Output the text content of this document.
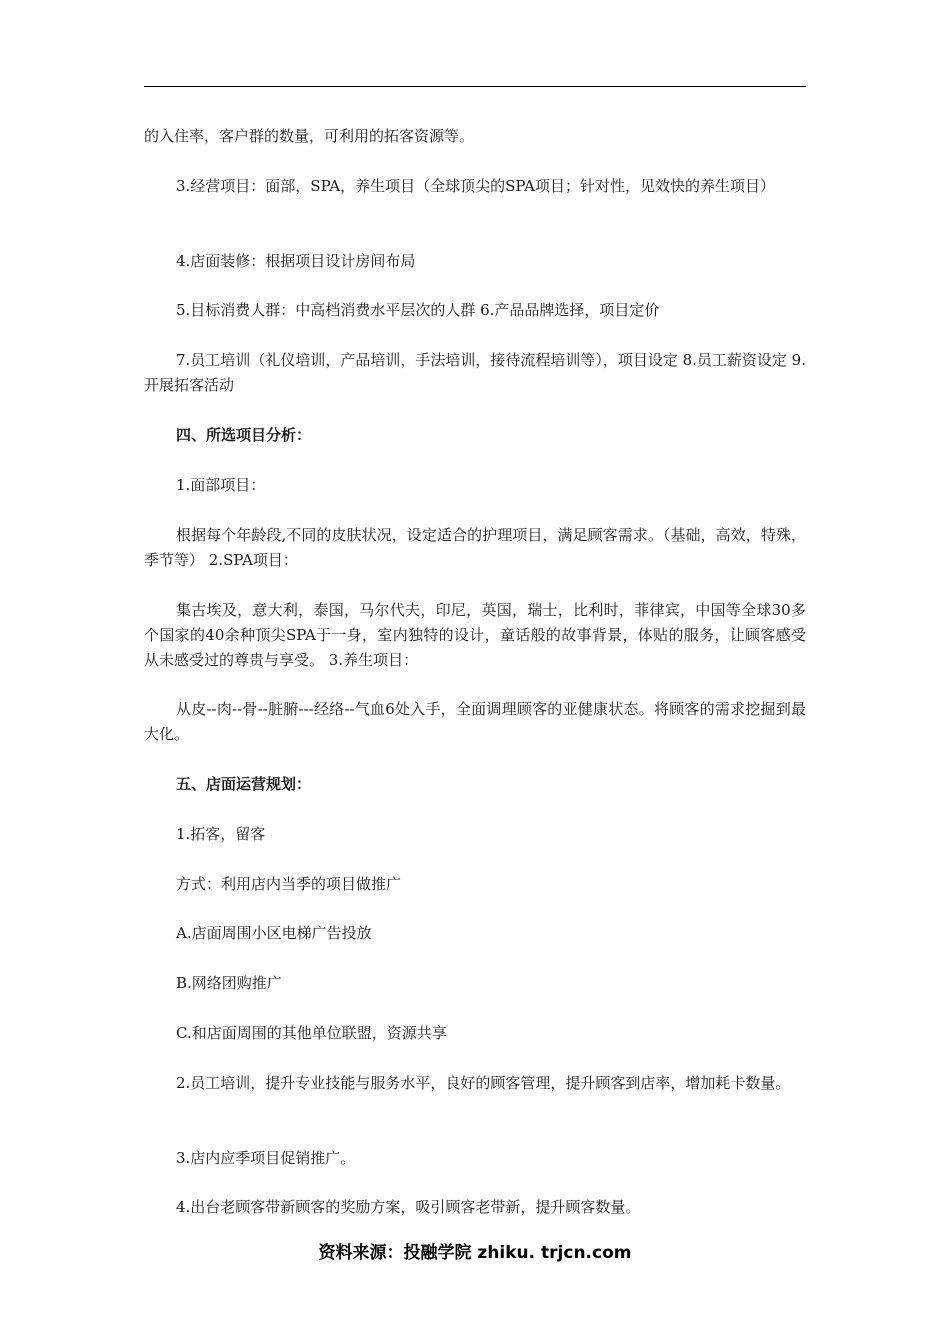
的入住率，客户群的数量，可利用的拓客资源等。

3.经营项目：面部，SPA，养生项目（全球顶尖的SPA项目；针对性，见效快的养生项目）

4.店面装修：根据项目设计房间布局

5.目标消费人群：中高档消费水平层次的人群 6.产品品牌选择，项目定价

7.员工培训（礼仪培训，产品培训，手法培训，接待流程培训等），项目设定 8.员工薪资设定 9.开展拓客活动

四、所选项目分析：

1.面部项目：

根据每个年龄段,不同的皮肤状况，设定适合的护理项目，满足顾客需求。（基础，高效，特殊，季节等） 2.SPA项目：

集古埃及，意大利，泰国，马尔代夫，印尼，英国，瑞士，比利时，菲律宾，中国等全球30多个国家的40余种顶尖SPA于一身，室内独特的设计，童话般的故事背景，体贴的服务，让顾客感受从未感受过的尊贵与享受。 3.养生项目：

从皮--肉--骨--脏腑---经络--气血6处入手，全面调理顾客的亚健康状态。将顾客的需求挖掘到最大化。

五、店面运营规划：

1.拓客，留客

方式：利用店内当季的项目做推广

A.店面周围小区电梯广告投放

B.网络团购推广

C.和店面周围的其他单位联盟，资源共享

2.员工培训，提升专业技能与服务水平，良好的顾客管理，提升顾客到店率，增加耗卡数量。

3.店内应季项目促销推广。

4.出台老顾客带新顾客的奖励方案，吸引顾客老带新，提升顾客数量。

资料来源：投融学院 zhiku. trjcn.com
